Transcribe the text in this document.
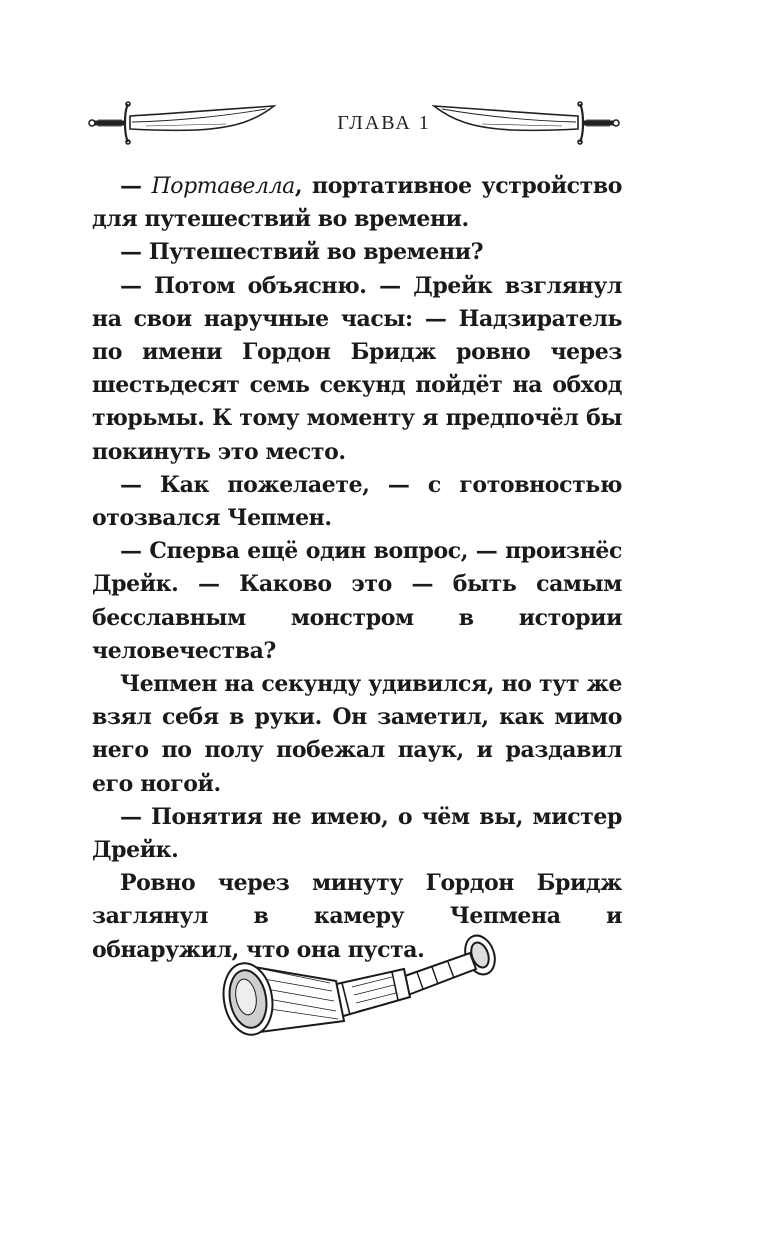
ГЛАВА 1

— Портавелла, портативное устройство для путешествий во времени.

— Путешествий во времени?

— Потом объясню. — Дрейк взглянул на свои наручные часы: — Надзиратель по имени Гордон Бридж ровно через шестьдесят семь секунд пойдёт на обход тюрьмы. К тому моменту я предпочёл бы покинуть это место.

— Как пожелаете, — с готовностью отозвался Чепмен.

— Сперва ещё один вопрос, — произнёс Дрейк. — Каково это — быть самым бесславным монстром в истории человечества?

Чепмен на секунду удивился, но тут же взял себя в руки. Он заметил, как мимо него по полу побежал паук, и раздавил его ногой.

— Понятия не имею, о чём вы, мистер Дрейк.

Ровно через минуту Гордон Бридж заглянул в камеру Чепмена и обнаружил, что она пуста.
